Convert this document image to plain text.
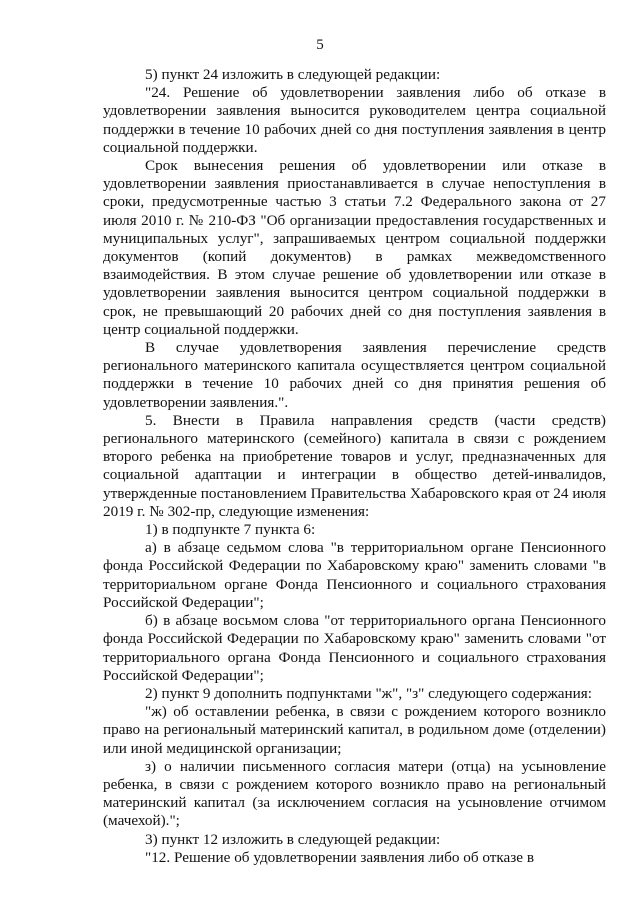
5

5) пункт 24 изложить в следующей редакции:

"24. Решение об удовлетворении заявления либо об отказе в удовлетворении заявления выносится руководителем центра социальной поддержки в течение 10 рабочих дней со дня поступления заявления в центр социальной поддержки.

Срок вынесения решения об удовлетворении или отказе в удовлетворении заявления приостанавливается в случае непоступления в сроки, предусмотренные частью 3 статьи 7.2 Федерального закона от 27 июля 2010 г. № 210-ФЗ "Об организации предоставления государственных и муниципальных услуг", запрашиваемых центром социальной поддержки документов (копий документов) в рамках межведомственного взаимодействия. В этом случае решение об удовлетворении или отказе в удовлетворении заявления выносится центром социальной поддержки в срок, не превышающий 20 рабочих дней со дня поступления заявления в центр социальной поддержки.

В случае удовлетворения заявления перечисление средств регионального материнского капитала осуществляется центром социальной поддержки в течение 10 рабочих дней со дня принятия решения об удовлетворении заявления.".

5. Внести в Правила направления средств (части средств) регионального материнского (семейного) капитала в связи с рождением второго ребенка на приобретение товаров и услуг, предназначенных для социальной адаптации и интеграции в общество детей-инвалидов, утвержденные постановлением Правительства Хабаровского края от 24 июля 2019 г. № 302-пр, следующие изменения:

1) в подпункте 7 пункта 6:

а) в абзаце седьмом слова "в территориальном органе Пенсионного фонда Российской Федерации по Хабаровскому краю" заменить словами "в территориальном органе Фонда Пенсионного и социального страхования Российской Федерации";

б) в абзаце восьмом слова "от территориального органа Пенсионного фонда Российской Федерации по Хабаровскому краю" заменить словами "от территориального органа Фонда Пенсионного и социального страхования Российской Федерации";

2) пункт 9 дополнить подпунктами "ж", "з" следующего содержания:

"ж) об оставлении ребенка, в связи с рождением которого возникло право на региональный материнский капитал, в родильном доме (отделении) или иной медицинской организации;

з) о наличии письменного согласия матери (отца) на усыновление ребенка, в связи с рождением которого возникло право на региональный материнский капитал (за исключением согласия на усыновление отчимом (мачехой).";

3) пункт 12 изложить в следующей редакции:

"12. Решение об удовлетворении заявления либо об отказе в
